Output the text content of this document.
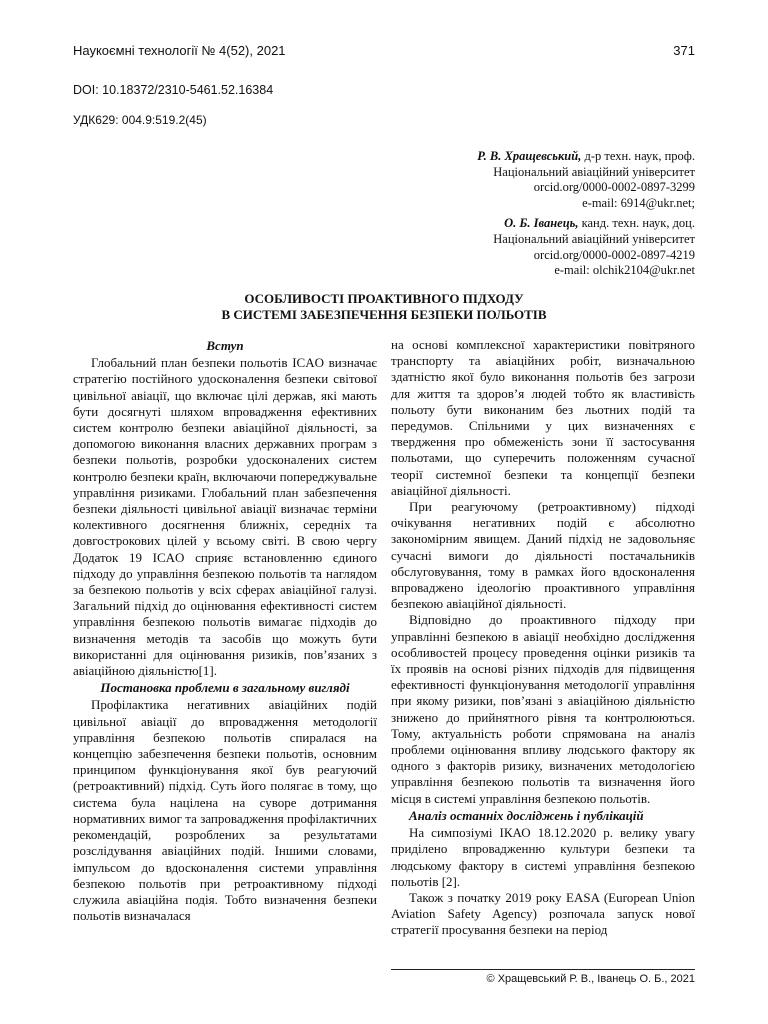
Наукоємні технології № 4(52), 2021	371
DOI: 10.18372/2310-5461.52.16384
УДК629: 004.9:519.2(45)
Р. В. Хращевський, д-р техн. наук, проф.
Національний авіаційний університет
orcid.org/0000-0002-0897-3299
e-mail: 6914@ukr.net;
О. Б. Іванець, канд. техн. наук, доц.
Національний авіаційний університет
orcid.org/0000-0002-0897-4219
e-mail: olchik2104@ukr.net
ОСОБЛИВОСТІ ПРОАКТИВНОГО ПІДХОДУ
В СИСТЕМІ ЗАБЕЗПЕЧЕННЯ БЕЗПЕКИ ПОЛЬОТІВ
Вступ

Глобальний план безпеки польотів ICAO визначає стратегію постійного удосконалення безпеки світової цивільної авіації, що включає цілі держав, які мають бути досягнуті шляхом впровадження ефективних систем контролю безпеки авіаційної діяльності, за допомогою виконання власних державних програм з безпеки польотів, розробки удосконалених систем контролю безпеки країн, включаючи попереджувальне управління ризиками. Глобальний план забезпечення безпеки діяльності цивільної авіації визначає терміни колективного досягнення ближніх, середніх та довгострокових цілей у всьому світі. В свою чергу Додаток 19 ICAO сприяє встановленню єдиного підходу до управління безпекою польотів та наглядом за безпекою польотів у всіх сферах авіаційної галузі. Загальний підхід до оцінювання ефективності систем управління безпекою польотів вимагає підходів до визначення методів та засобів що можуть бути використанні для оцінювання ризиків, пов’язаних з авіаційною діяльністю[1].

Постановка проблеми в загальному вигляді

Профілактика негативних авіаційних подій цивільної авіації до впровадження методології управління безпекою польотів спиралася на концепцію забезпечення безпеки польотів, основним принципом функціонування якої був реагуючий (ретроактивний) підхід. Суть його полягає в тому, що система була націлена на суворе дотримання нормативних вимог та запровадження профілактичних рекомендацій, розроблених за результатами розслідування авіаційних подій. Іншими словами, імпульсом до вдосконалення системи управління безпекою польотів при ретроактивному підході служила авіаційна подія. Тобто визначення безпеки польотів визначалася

на основі комплексної характеристики повітряного транспорту та авіаційних робіт, визначальною здатністю якої було виконання польотів без загрози для життя та здоров’я людей тобто як властивість польоту бути виконаним без льотних подій та передумов. Спільними у цих визначеннях є твердження про обмеженість зони її застосування польотами, що суперечить положенням сучасної теорії системної безпеки та концепції безпеки авіаційної діяльності.

При реагуючому (ретроактивному) підході очікування негативних подій є абсолютно закономірним явищем. Даний підхід не задовольняє сучасні вимоги до діяльності постачальників обслуговування, тому в рамках його вдосконалення впроваджено ідеологію проактивного управління безпекою авіаційної діяльності.

Відповідно до проактивного підходу при управлінні безпекою в авіації необхідно дослідження особливостей процесу проведення оцінки ризиків та їх проявів на основі різних підходів для підвищення ефективності функціонування методології управління при якому ризики, пов’язані з авіаційною діяльністю знижено до прийнятного рівня та контролюються. Тому, актуальність роботи спрямована на аналіз проблеми оцінювання впливу людського фактору як одного з факторів ризику, визначених методологією управління безпекою польотів та визначення його місця в системі управління безпекою польотів.

Аналіз останніх досліджень і публікацій

На симпозіумі ІКАО 18.12.2020 р. велику увагу приділено впровадженню культури безпеки та людському фактору в системі управління безпекою польотів [2].

Також з початку 2019 року EASA (European Union Aviation Safety Agency) розпочала запуск нової стратегії просування безпеки на період

© Хращевський Р. В., Іванець О. Б., 2021
